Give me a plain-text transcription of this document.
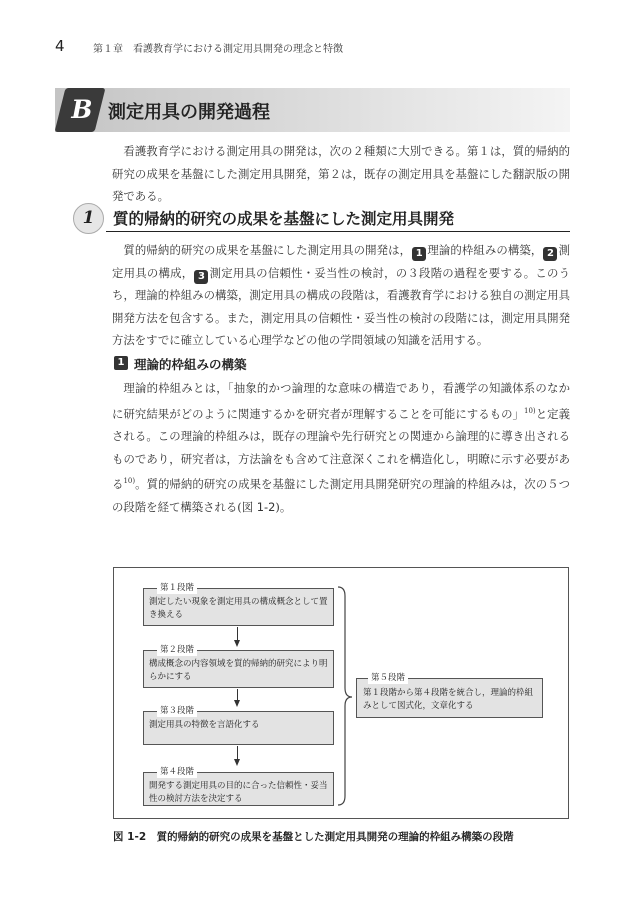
4	第１章　看護教育学における測定用具開発の理念と特徴
B 測定用具の開発過程

看護教育学における測定用具の開発は，次の２種類に大別できる。第１は，質的帰納的研究の成果を基盤にした測定用具開発，第２は，既存の測定用具を基盤にした翻訳版の開発である。

1	質的帰納的研究の成果を基盤にした測定用具開発

質的帰納的研究の成果を基盤にした測定用具の開発は， 1 理論的枠組みの構築， 2 測定用具の構成， 3 測定用具の信頼性・妥当性の検討，の３段階の過程を要する。このうち，理論的枠組みの構築，測定用具の構成の段階は，看護教育学における独自の測定用具開発方法を包含する。また，測定用具の信頼性・妥当性の検討の段階には，測定用具開発方法をすでに確立している心理学などの他の学問領域の知識を活用する。

1 理論的枠組みの構築

理論的枠組みとは，「抽象的かつ論理的な意味の構造であり，看護学の知識体系のなかに研究結果がどのように関連するかを研究者が理解することを可能にするもの」$^{10)}$と定義される。この理論的枠組みは，既存の理論や先行研究との関連から論理的に導き出されるものであり，研究者は，方法論をも含めて注意深くこれを構造化し，明瞭に示す必要がある$^{10)}$。質的帰納的研究の成果を基盤にした測定用具開発研究の理論的枠組みは，次の５つの段階を経て構築される(図 1-2)。

第１段階
測定したい現象を測定用具の構成概念として置き換える
第２段階
構成概念の内容領域を質的帰納的研究により明らかにする
第３段階
測定用具の特徴を言語化する
第４段階
開発する測定用具の目的に合った信頼性・妥当性の検討方法を決定する
第５段階
第１段階から第４段階を統合し，理論的枠組みとして図式化，文章化する
図 1-2　質的帰納的研究の成果を基盤とした測定用具開発の理論的枠組み構築の段階
